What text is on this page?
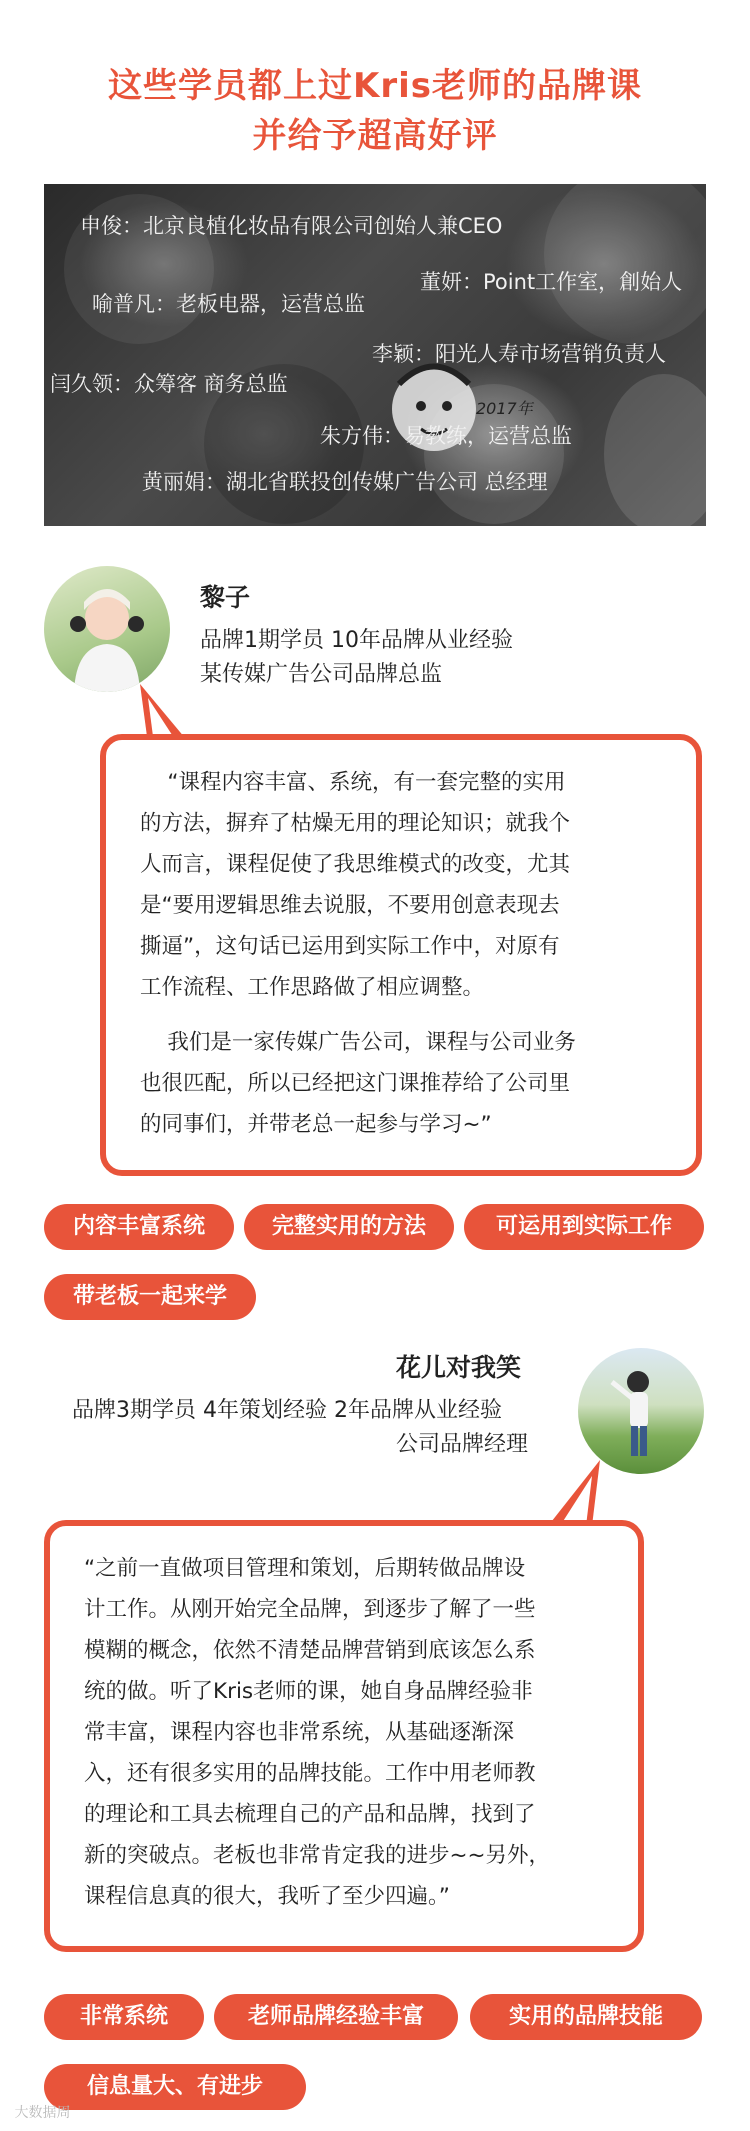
这些学员都上过Kris老师的品牌课
并给予超高好评
2017年
申俊：北京良植化妆品有限公司创始人兼CEO
喻普凡：老板电器，运营总监
董妍：Point工作室，創始人
李颖：阳光人寿市场营销负责人
闫久领：众筹客 商务总监
朱方伟：易教练，运营总监
黄丽娟：湖北省联投创传媒广告公司 总经理
黎子
品牌1期学员 10年品牌从业经验
某传媒广告公司品牌总监

“课程内容丰富、系统，有一套完整的实用

的方法，摒弃了枯燥无用的理论知识；就我个

人而言，课程促使了我思维模式的改变，尤其

是“要用逻辑思维去说服，不要用创意表现去

撕逼”，这句话已运用到实际工作中，对原有

工作流程、工作思路做了相应调整。

我们是一家传媒广告公司，课程与公司业务

也很匹配，所以已经把这门课推荐给了公司里

的同事们，并带老总一起参与学习~”

内容丰富系统	完整实用的方法	可运用到实际工作
带老板一起来学
花儿对我笑
品牌3期学员 4年策划经验 2年品牌从业经验
公司品牌经理

“之前一直做项目管理和策划，后期转做品牌设

计工作。从刚开始完全品牌，到逐步了解了一些

模糊的概念，依然不清楚品牌营销到底该怎么系

统的做。听了Kris老师的课，她自身品牌经验非

常丰富，课程内容也非常系统，从基础逐渐深

入，还有很多实用的品牌技能。工作中用老师教

的理论和工具去梳理自己的产品和品牌，找到了

新的突破点。老板也非常肯定我的进步~~另外，

课程信息真的很大，我听了至少四遍。”

非常系统	老师品牌经验丰富	实用的品牌技能
信息量大、有进步
大数据周
